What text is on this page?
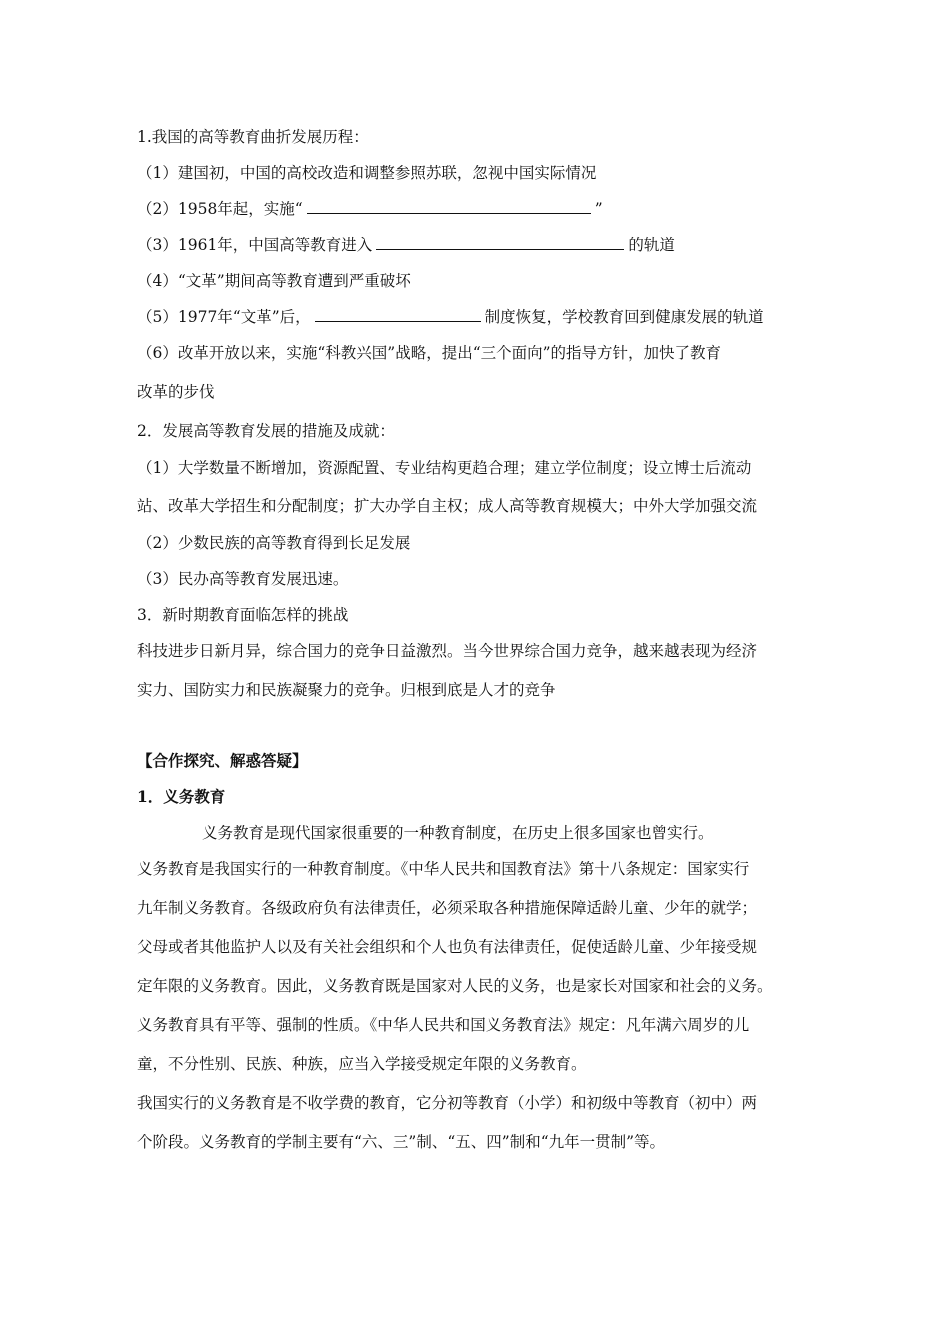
1.我国的高等教育曲折发展历程：
（1）建国初，中国的高校改造和调整参照苏联，忽视中国实际情况
（2）1958年起，实施“	”
（3）1961年，中国高等教育进入	的轨道
（4）“文革”期间高等教育遭到严重破坏
（5）1977年“文革”后，	制度恢复，学校教育回到健康发展的轨道
（6）改革开放以来，实施“科教兴国”战略，提出“三个面向”的指导方针，加快了教育
改革的步伐
2．发展高等教育发展的措施及成就：
（1）大学数量不断增加，资源配置、专业结构更趋合理；建立学位制度；设立博士后流动
站、改革大学招生和分配制度；扩大办学自主权；成人高等教育规模大；中外大学加强交流
（2）少数民族的高等教育得到长足发展
（3）民办高等教育发展迅速。
3．新时期教育面临怎样的挑战
科技进步日新月异，综合国力的竞争日益激烈。当今世界综合国力竞争，越来越表现为经济
实力、国防实力和民族凝聚力的竞争。归根到底是人才的竞争
【合作探究、解惑答疑】
1．义务教育
义务教育是现代国家很重要的一种教育制度，在历史上很多国家也曾实行。
义务教育是我国实行的一种教育制度。《中华人民共和国教育法》第十八条规定：国家实行
九年制义务教育。各级政府负有法律责任，必须采取各种措施保障适龄儿童、少年的就学；
父母或者其他监护人以及有关社会组织和个人也负有法律责任，促使适龄儿童、少年接受规
定年限的义务教育。因此，义务教育既是国家对人民的义务，也是家长对国家和社会的义务。
义务教育具有平等、强制的性质。《中华人民共和国义务教育法》规定：凡年满六周岁的儿
童，不分性别、民族、种族，应当入学接受规定年限的义务教育。
我国实行的义务教育是不收学费的教育，它分初等教育（小学）和初级中等教育（初中）两
个阶段。义务教育的学制主要有“六、三”制、“五、四”制和“九年一贯制”等。
